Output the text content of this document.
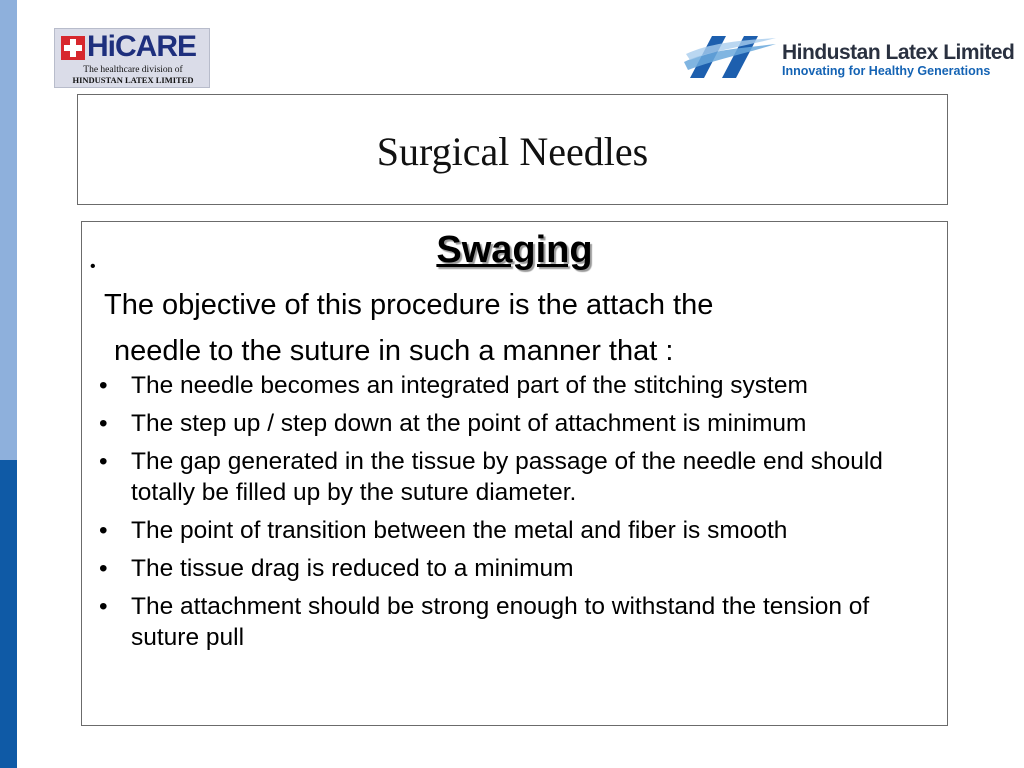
HiCARE
The healthcare division of
HINDUSTAN LATEX LIMITED
Hindustan Latex Limited
Innovating for Healthy Generations
Surgical Needles
Swaging
•
The objective of this procedure is the attach the
needle to the suture in such a manner that :
• The needle becomes an integrated part of the stitching system
• The step up / step down at the point of attachment is minimum
• The gap generated in the tissue by passage of the needle end should totally be filled up by the suture diameter.
• The point of transition between the metal and fiber is smooth
• The tissue drag is reduced to a minimum
• The attachment should be strong enough to withstand the tension of suture pull
